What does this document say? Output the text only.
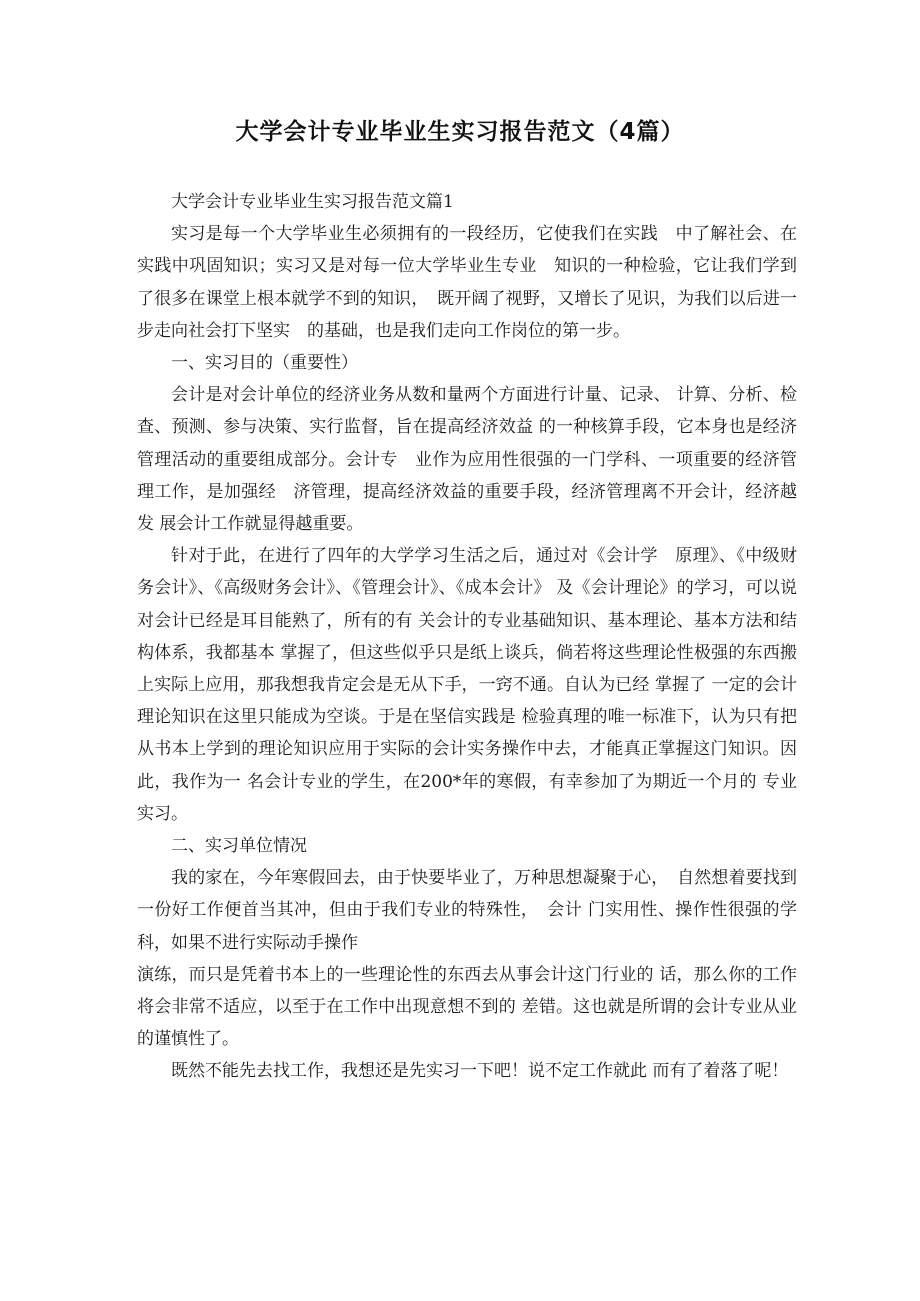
大学会计专业毕业生实习报告范文（4篇）

大学会计专业毕业生实习报告范文篇1

实习是每一个大学毕业生必须拥有的一段经历，它使我们在实践　中了解社会、在实践中巩固知识；实习又是对每一位大学毕业生专业　知识的一种检验，它让我们学到了很多在课堂上根本就学不到的知识，　既开阔了视野，又增长了见识，为我们以后进一步走向社会打下坚实　的基础，也是我们走向工作岗位的第一步。

一、实习目的（重要性）

会计是对会计单位的经济业务从数和量两个方面进行计量、记录、 计算、分析、检查、预测、参与决策、实行监督，旨在提高经济效益 的一种核算手段，它本身也是经济管理活动的重要组成部分。会计专　业作为应用性很强的一门学科、一项重要的经济管理工作，是加强经　济管理，提高经济效益的重要手段，经济管理离不开会计，经济越发 展会计工作就显得越重要。

针对于此，在进行了四年的大学学习生活之后，通过对《会计学　原理》、《中级财务会计》、《高级财务会计》、《管理会计》、《成本会计》 及《会计理论》的学习，可以说对会计已经是耳目能熟了，所有的有 关会计的专业基础知识、基本理论、基本方法和结构体系，我都基本 掌握了，但这些似乎只是纸上谈兵，倘若将这些理论性极强的东西搬 上实际上应用，那我想我肯定会是无从下手，一窍不通。自认为已经 掌握了 一定的会计理论知识在这里只能成为空谈。于是在坚信实践是 检验真理的唯一标准下，认为只有把从书本上学到的理论知识应用于实际的会计实务操作中去，才能真正掌握这门知识。因此，我作为一 名会计专业的学生，在200*年的寒假，有幸参加了为期近一个月的 专业实习。

二、实习单位情况

我的家在，今年寒假回去，由于快要毕业了，万种思想凝聚于心，　自然想着要找到一份好工作便首当其冲，但由于我们专业的特殊性，　会计 门实用性、操作性很强的学科，如果不进行实际动手操作

演练，而只是凭着书本上的一些理论性的东西去从事会计这门行业的 话，那么你的工作将会非常不适应，以至于在工作中出现意想不到的 差错。这也就是所谓的会计专业从业的谨慎性了。

既然不能先去找工作，我想还是先实习一下吧！说不定工作就此 而有了着落了呢！
